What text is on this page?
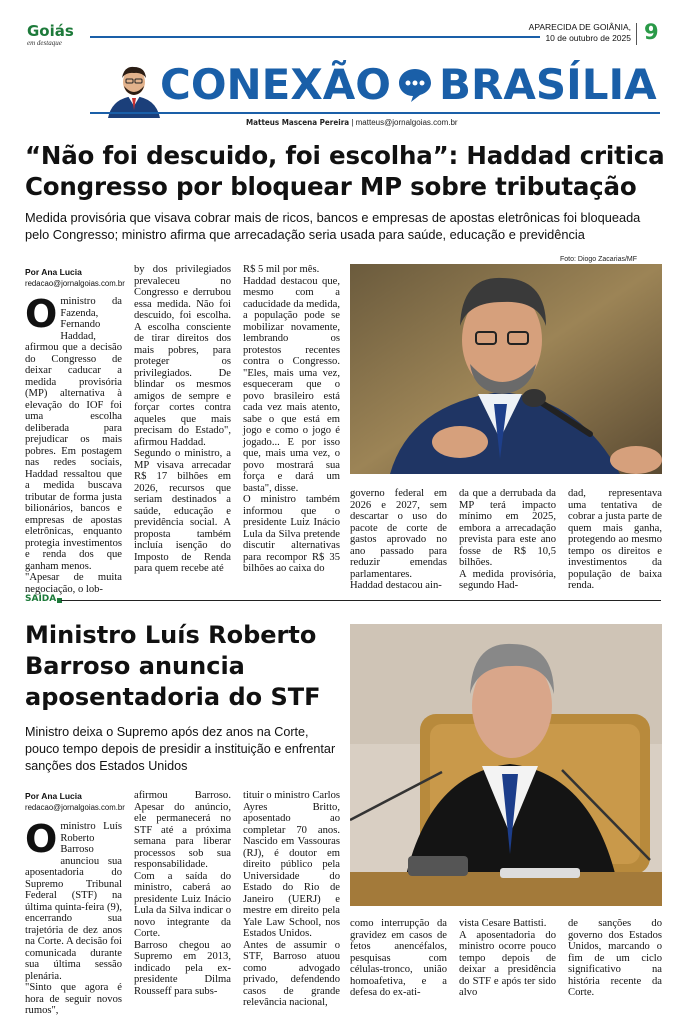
Goiás
em destaque
APARECIDA DE GOIÂNIA,
10 de outubro de 2025 9
CONEXÃO BRASÍLIA
Matteus Mascena Pereira | matteus@jornalgoias.com.br
“Não foi descuido, foi escolha”: Haddad critica Congresso por bloquear MP sobre tributação

Medida provisória que visava cobrar mais de ricos, bancos e empresas de apostas eletrônicas foi bloqueada pelo Congresso; ministro afirma que arrecadação seria usada para saúde, educação e previdência

Por Ana Lucia
redacao@jornalgoias.com.br
Oministro da Fazenda, Fernando Haddad, afirmou que a decisão do Congresso de deixar caducar a medida provisória (MP) alternativa à elevação do IOF foi uma escolha deliberada para prejudicar os mais pobres. Em postagem nas redes sociais, Haddad ressaltou que a medida buscava tributar de forma justa bilionários, bancos e empresas de apostas eletrônicas, enquanto protegia investimentos e renda dos que ganham menos.
"Apesar de muita negociação, o lob-
by dos privilegiados prevaleceu no Congresso e derrubou essa medida. Não foi descuido, foi escolha. A escolha consciente de tirar direitos dos mais pobres, para proteger os privilegiados. De blindar os mesmos amigos de sempre e forçar cortes contra aqueles que mais precisam do Estado", afirmou Haddad.
Segundo o ministro, a MP visava arrecadar R$ 17 bilhões em 2026, recursos que seriam destinados a saúde, educação e previdência social. A proposta também incluía isenção do Imposto de Renda para quem recebe até
R$ 5 mil por mês.
Haddad destacou que, mesmo com a caducidade da medida, a população pode se mobilizar novamente, lembrando os protestos recentes contra o Congresso. "Eles, mais uma vez, esqueceram que o povo brasileiro está cada vez mais atento, sabe o que está em jogo e como o jogo é jogado... E por isso que, mais uma vez, o povo mostrará sua força e dará um basta", disse.
O ministro também informou que o presidente Luiz Inácio Lula da Silva pretende discutir alternativas para recompor R$ 35 bilhões ao caixa do
Foto: Diogo Zacarias/MF
governo federal em 2026 e 2027, sem descartar o uso do pacote de corte de gastos aprovado no ano passado para reduzir emendas parlamentares. Haddad destacou ain-
da que a derrubada da MP terá impacto mínimo em 2025, embora a arrecadação prevista para este ano fosse de R$ 10,5 bilhões.
A medida provisória, segundo Had-
dad, representava uma tentativa de cobrar a justa parte de quem mais ganha, protegendo ao mesmo tempo os direitos e investimentos da população de baixa renda.
SAÍDA
Ministro Luís Roberto Barroso anuncia aposentadoria do STF

Ministro deixa o Supremo após dez anos na Corte, pouco tempo depois de presidir a instituição e enfrentar sanções dos Estados Unidos

Por Ana Lucia
redacao@jornalgoias.com.br
Oministro Luís Roberto Barroso anunciou sua aposentadoria do Supremo Tribunal Federal (STF) na última quinta-feira (9), encerrando sua trajetória de dez anos na Corte. A decisão foi comunicada durante sua última sessão plenária.
"Sinto que agora é hora de seguir novos rumos",
afirmou Barroso. Apesar do anúncio, ele permanecerá no STF até a próxima semana para liberar processos sob sua responsabilidade.
Com a saída do ministro, caberá ao presidente Luiz Inácio Lula da Silva indicar o novo integrante da Corte.
Barroso chegou ao Supremo em 2013, indicado pela ex-presidente Dilma Rousseff para subs-
tituir o ministro Carlos Ayres Britto, aposentado ao completar 70 anos. Nascido em Vassouras (RJ), é doutor em direito público pela Universidade do Estado do Rio de Janeiro (UERJ) e mestre em direito pela Yale Law School, nos Estados Unidos.
Antes de assumir o STF, Barroso atuou como advogado privado, defendendo casos de grande relevância nacional,
como interrupção da gravidez em casos de fetos anencéfalos, pesquisas com células-tronco, união homoafetiva, e a defesa do ex-ati-
vista Cesare Battisti.
A aposentadoria do ministro ocorre pouco tempo depois de deixar a presidência do STF e após ter sido alvo
de sanções do governo dos Estados Unidos, marcando o fim de um ciclo significativo na história recente da Corte.
